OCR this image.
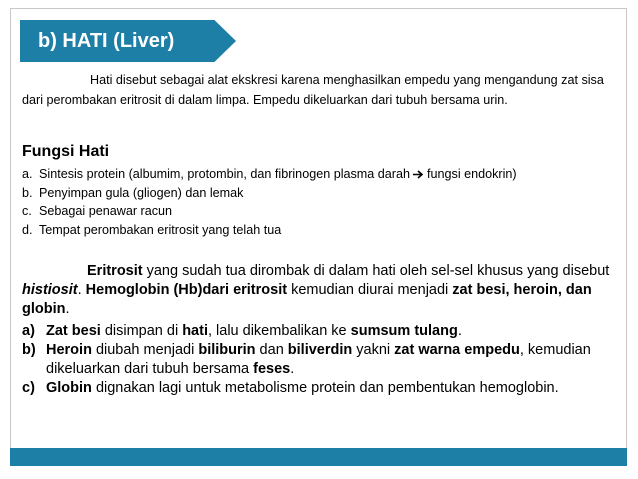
b) HATI (Liver)

Hati disebut sebagai alat ekskresi karena menghasilkan empedu yang mengandung zat sisa dari perombakan eritrosit di dalam limpa. Empedu dikeluarkan dari tubuh bersama urin.

Fungsi Hati
a. Sintesis protein (albumim, protombin, dan fibrinogen plasma darah fungsi endokrin)
b. Penyimpan gula (gliogen) dan lemak
c. Sebagai penawar racun
d. Tempat perombakan eritrosit yang telah tua

Eritrosit yang sudah tua dirombak di dalam hati oleh sel-sel khusus yang disebut histiosit. Hemoglobin (Hb)dari eritrosit kemudian diurai menjadi zat besi, heroin, dan globin.

a) Zat besi disimpan di hati, lalu dikembalikan ke sumsum tulang.
b) Heroin diubah menjadi biliburin dan biliverdin yakni zat warna empedu, kemudian dikeluarkan dari tubuh bersama feses.
c) Globin dignakan lagi untuk metabolisme protein dan pembentukan hemoglobin.
